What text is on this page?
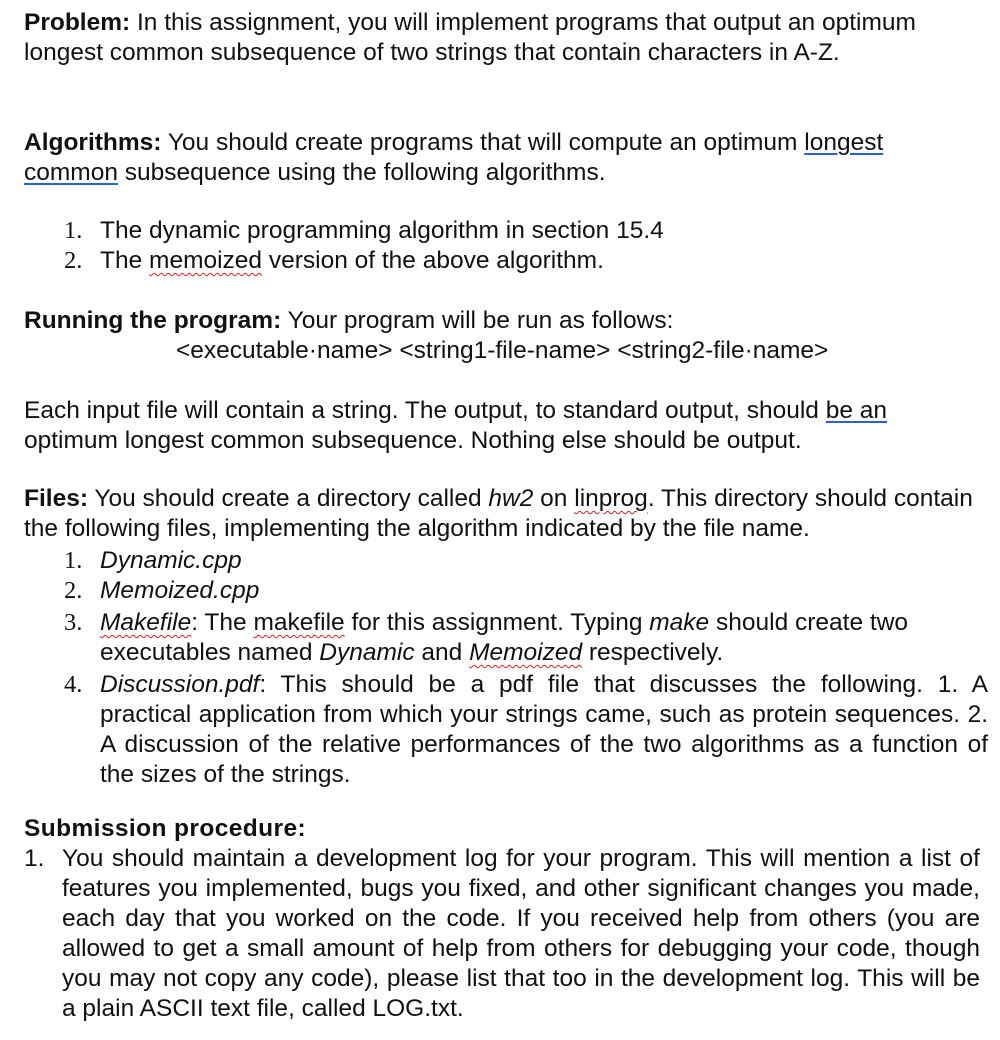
Problem: In this assignment, you will implement programs that output an optimum longest common subsequence of two strings that contain characters in A-Z.

Algorithms: You should create programs that will compute an optimum longest common subsequence using the following algorithms.

1. The dynamic programming algorithm in section 15.4
2. The memoized version of the above algorithm.

Running the program: Your program will be run as follows:

<executable·name> <string1-file-name> <string2-file·name>

Each input file will contain a string. The output, to standard output, should be an optimum longest common subsequence. Nothing else should be output.

Files: You should create a directory called hw2 on linprog. This directory should contain the following files, implementing the algorithm indicated by the file name.

1. Dynamic.cpp
2. Memoized.cpp
3. Makefile: The makefile for this assignment. Typing make should create two executables named Dynamic and Memoized respectively.
4. Discussion.pdf: This should be a pdf file that discusses the following. 1. A practical application from which your strings came, such as protein sequences. 2. A discussion of the relative performances of the two algorithms as a function of the sizes of the strings.

Submission procedure:

1. You should maintain a development log for your program. This will mention a list of features you implemented, bugs you fixed, and other significant changes you made, each day that you worked on the code. If you received help from others (you are allowed to get a small amount of help from others for debugging your code, though you may not copy any code), please list that too in the development log. This will be a plain ASCII text file, called LOG.txt.
